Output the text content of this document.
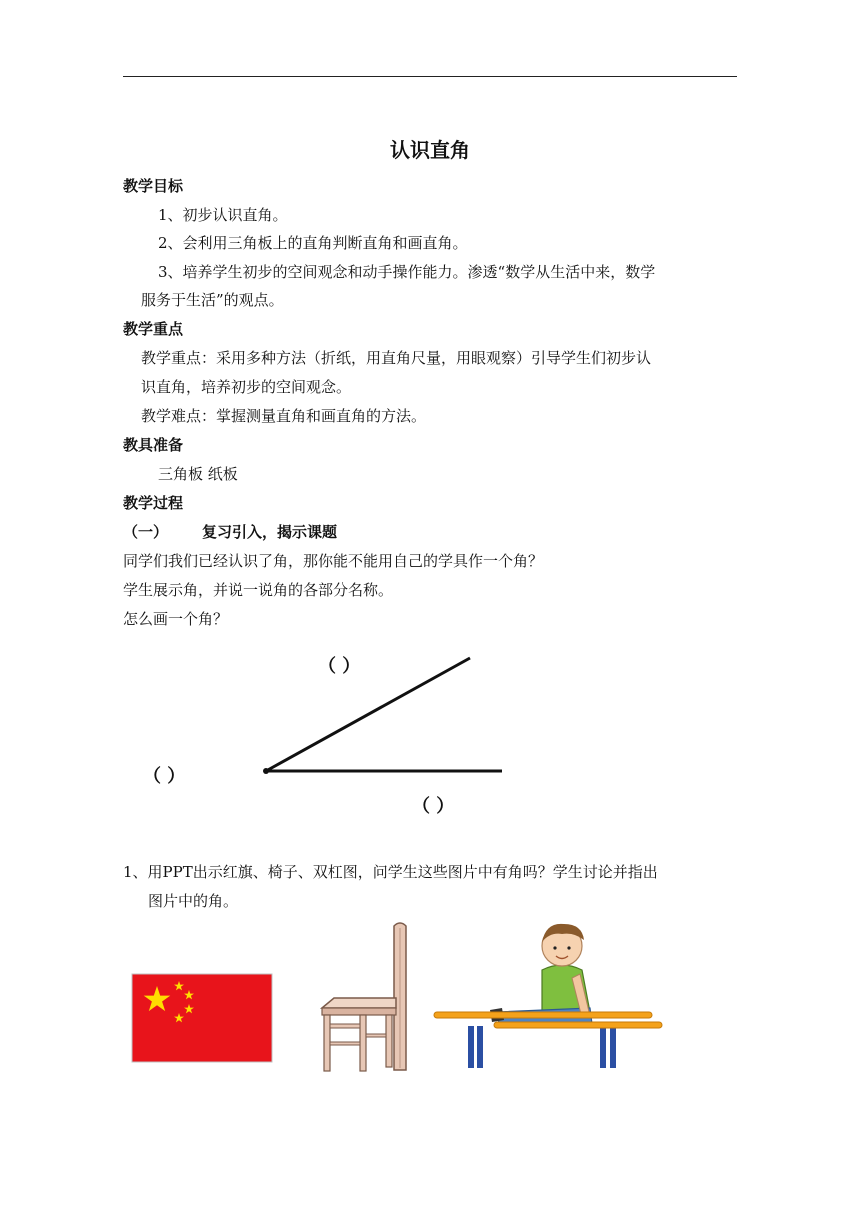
认识直角
教学目标
1、初步认识直角。
2、会利用三角板上的直角判断直角和画直角。
3、培养学生初步的空间观念和动手操作能力。渗透“数学从生活中来，数学
服务于生活”的观点。
教学重点
教学重点：采用多种方法（折纸，用直角尺量，用眼观察）引导学生们初步认
识直角，培养初步的空间观念。
教学难点：掌握测量直角和画直角的方法。
教具准备
三角板 纸板
教学过程
（一） 复习引入，揭示课题
同学们我们已经认识了角，那你能不能用自己的学具作一个角？
学生展示角，并说一说角的各部分名称。
怎么画一个角？
（ ）
（ ）
（ ）
1、用PPT出示红旗、椅子、双杠图，问学生这些图片中有角吗？学生讨论并指出
图片中的角。
